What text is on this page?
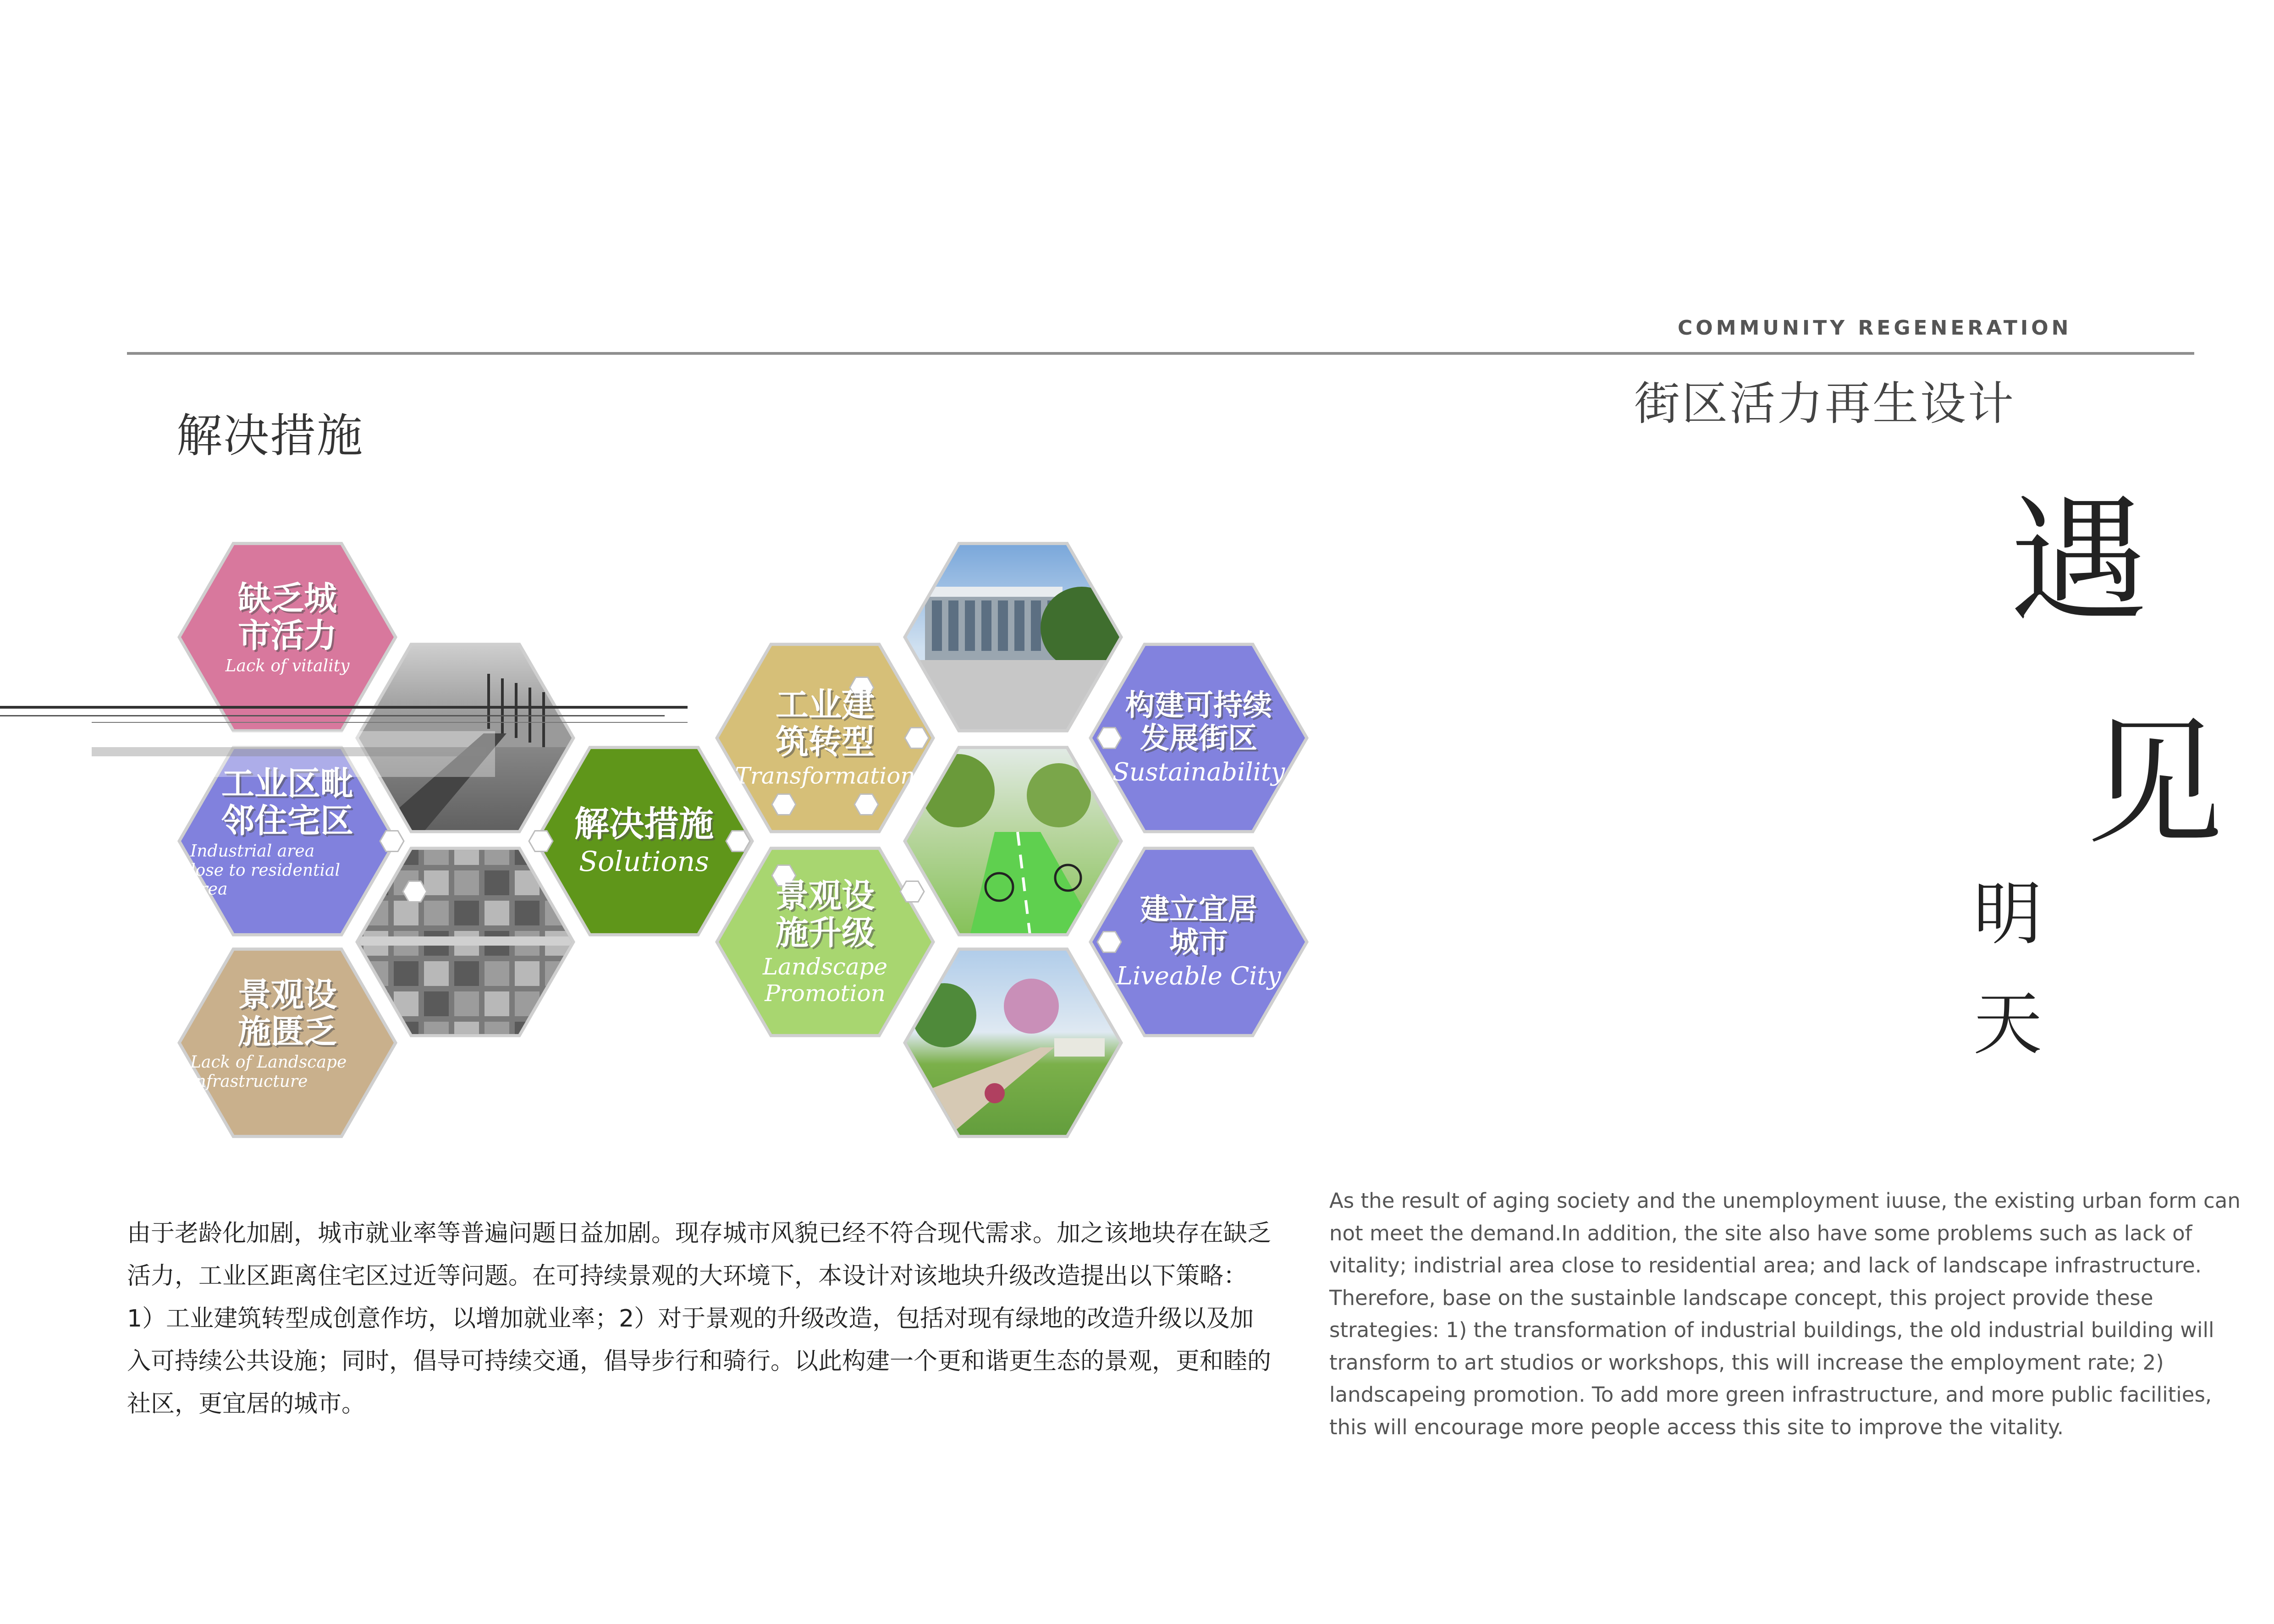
COMMUNITY REGENERATION
街区活力再生设计
解决措施
遇
见
明
天
缺乏城
市活力
Lack of vitality
工业区毗
邻住宅区
Industrial area
lose to residential
area
景观设
施匮乏
Lack of Landscape
infrastructure
解决措施
Solutions
工业建
筑转型
Transformation
景观设
施升级
Landscape
Promotion
构建可持续
发展街区
Sustainability
建立宜居
城市
Liveable City
由于老龄化加剧，城市就业率等普遍问题日益加剧。现存城市风貌已经不符合现代需求。加之该地块存在缺乏活力，工业区距离住宅区过近等问题。在可持续景观的大环境下，本设计对该地块升级改造提出以下策略：1）工业建筑转型成创意作坊，以增加就业率；2）对于景观的升级改造，包括对现有绿地的改造升级以及加入可持续公共设施；同时，倡导可持续交通，倡导步行和骑行。以此构建一个更和谐更生态的景观，更和睦的社区，更宜居的城市。
As the result of aging society and the unemployment iuuse, the existing urban form can not meet the demand.In addition, the site also have some problems such as lack of vitality; indistrial area close to residential area; and lack of landscape infrastructure. Therefore, base on the sustainble landscape concept, this project provide these strategies: 1) the transformation of industrial buildings, the old industrial building will transform to art studios or workshops, this will increase the employment rate; 2) landscapeing promotion. To add more green infrastructure, and more public facilities, this will encourage more people access this site to improve the vitality.
